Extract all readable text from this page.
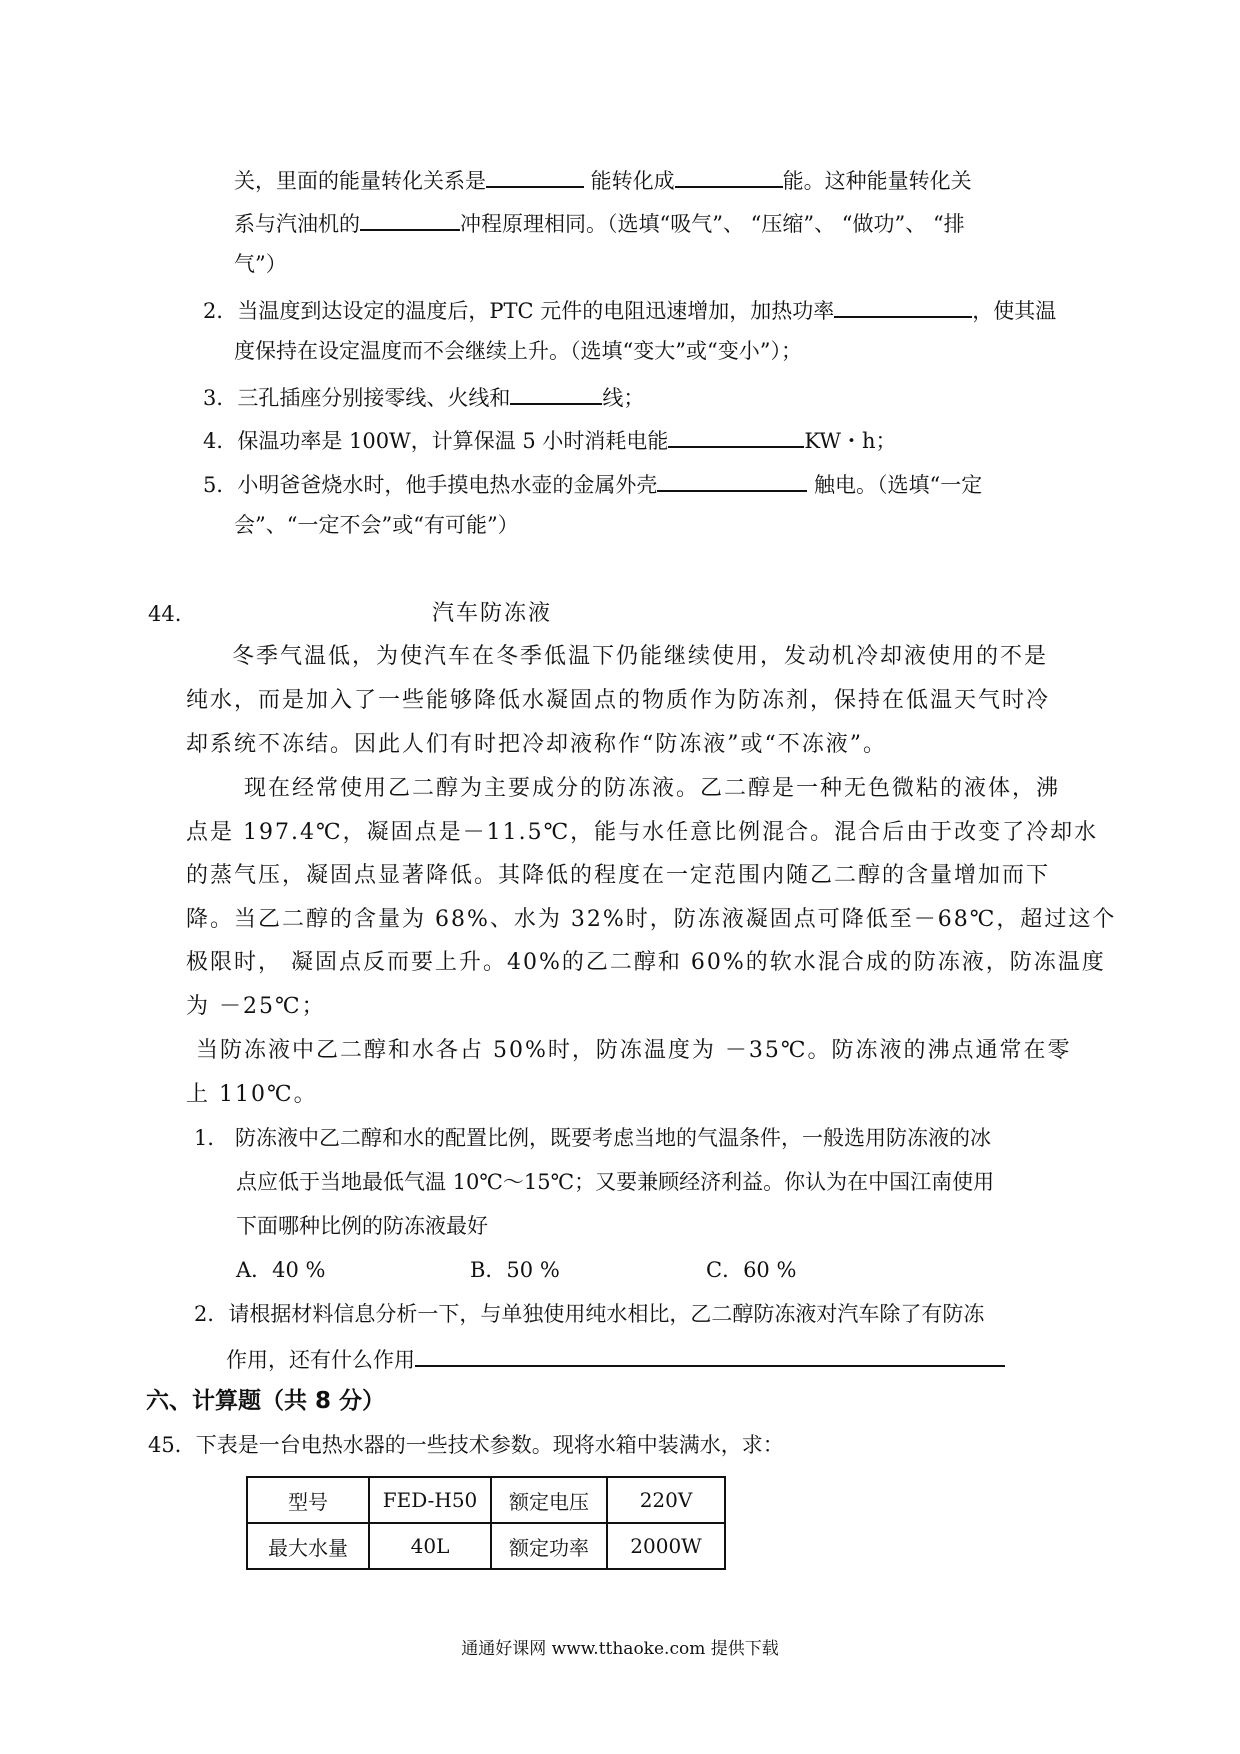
关，里面的能量转化关系是	能转化成	能。这种能量转化关
系与汽油机的	冲程原理相同。（选填“吸气”、 “压缩”、 “做功”、 “排
气”）
2．当温度到达设定的温度后，PTC 元件的电阻迅速增加，加热功率	，使其温
度保持在设定温度而不会继续上升。（选填“变大”或“变小”）；
3．三孔插座分别接零线、火线和	线；
4．保温功率是 100W，计算保温 5 小时消耗电能	KW・h；
5．小明爸爸烧水时，他手摸电热水壶的金属外壳	触电。（选填“一定
会”、“一定不会”或“有可能”）
44.	汽车防冻液
冬季气温低，为使汽车在冬季低温下仍能继续使用，发动机冷却液使用的不是
纯水，而是加入了一些能够降低水凝固点的物质作为防冻剂，保持在低温天气时冷
却系统不冻结。因此人们有时把冷却液称作“防冻液”或“不冻液”。
现在经常使用乙二醇为主要成分的防冻液。乙二醇是一种无色微粘的液体，沸
点是 197.4℃，凝固点是－11.5℃，能与水任意比例混合。混合后由于改变了冷却水
的蒸气压，凝固点显著降低。其降低的程度在一定范围内随乙二醇的含量增加而下
降。当乙二醇的含量为 68%、水为 32%时，防冻液凝固点可降低至－68℃，超过这个
极限时， 凝固点反而要上升。40%的乙二醇和 60%的软水混合成的防冻液，防冻温度
为 －25℃；
当防冻液中乙二醇和水各占 50%时，防冻温度为 －35℃。防冻液的沸点通常在零
上 110℃。
1． 防冻液中乙二醇和水的配置比例，既要考虑当地的气温条件，一般选用防冻液的冰
点应低于当地最低气温 10℃～15℃；又要兼顾经济利益。你认为在中国江南使用
下面哪种比例的防冻液最好
A．40 %	B．50 %	C．60 %
2．请根据材料信息分析一下，与单独使用纯水相比，乙二醇防冻液对汽车除了有防冻
作用，还有什么作用
六、计算题（共 8 分）
45．下表是一台电热水器的一些技术参数。现将水箱中装满水，求：
型号	FED-H50	额定电压	220V
最大水量	40L	额定功率	2000W
通通好课网 www.tthaoke.com 提供下载
